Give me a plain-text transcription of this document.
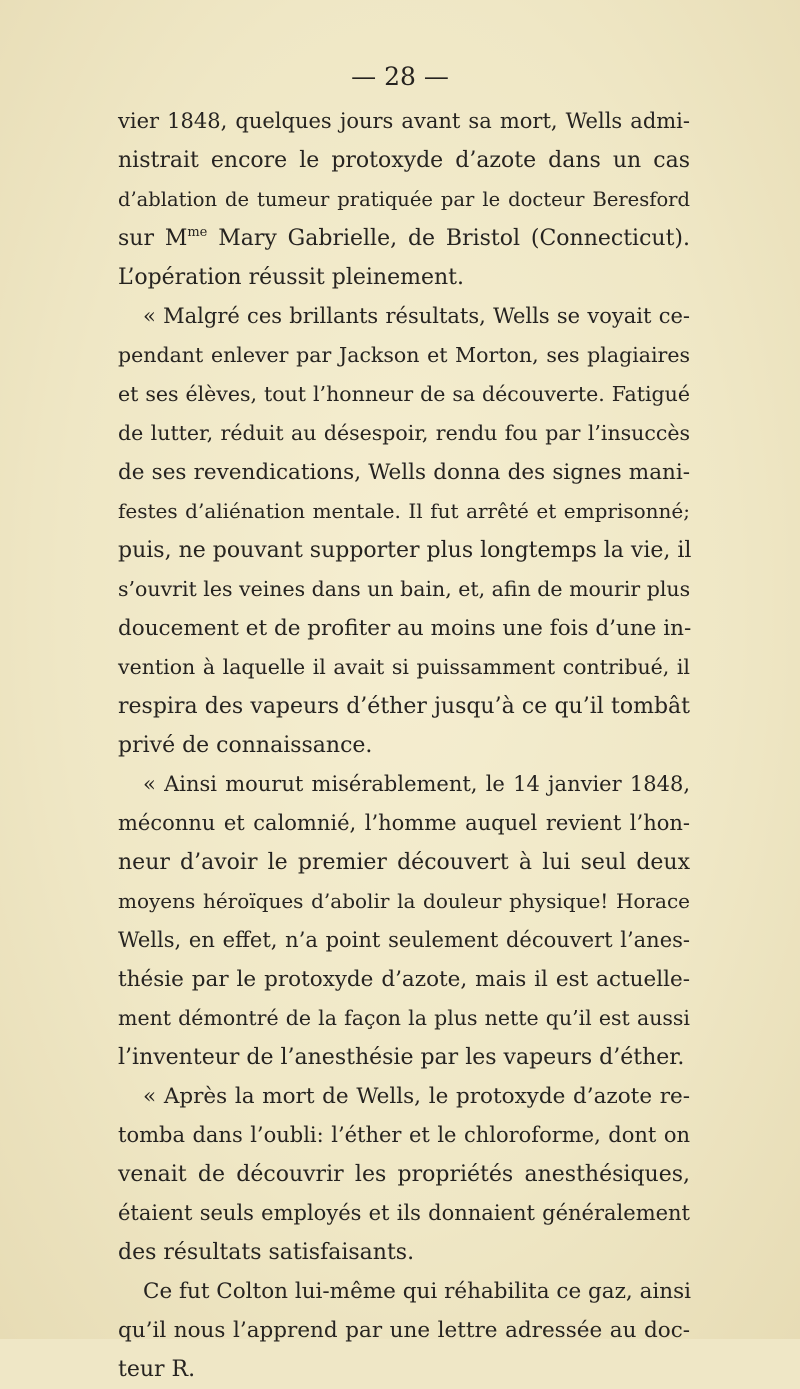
— 28 —
vier 1848, quelques jours avant sa mort, Wells admi-
nistrait encore le protoxyde d’azote dans un cas
d’ablation de tumeur pratiquée par le docteur Beresford
sur $M^{me}$ Mary Gabrielle, de Bristol (Connecticut).
L’opération réussit pleinement.
« Malgré ces brillants résultats, Wells se voyait ce-
pendant enlever par Jackson et Morton, ses plagiaires
et ses élèves, tout l’honneur de sa découverte. Fatigué
de lutter, réduit au désespoir, rendu fou par l’insuccès
de ses revendications, Wells donna des signes mani-
festes d’aliénation mentale. Il fut arrêté et emprisonné;
puis, ne pouvant supporter plus longtemps la vie, il
s’ouvrit les veines dans un bain, et, afin de mourir plus
doucement et de profiter au moins une fois d’une in-
vention à laquelle il avait si puissamment contribué, il
respira des vapeurs d’éther jusqu’à ce qu’il tombât
privé de connaissance.
« Ainsi mourut misérablement, le 14 janvier 1848,
méconnu et calomnié, l’homme auquel revient l’hon-
neur d’avoir le premier découvert à lui seul deux
moyens héroïques d’abolir la douleur physique! Horace
Wells, en effet, n’a point seulement découvert l’anes-
thésie par le protoxyde d’azote, mais il est actuelle-
ment démontré de la façon la plus nette qu’il est aussi
l’inventeur de l’anesthésie par les vapeurs d’éther.
« Après la mort de Wells, le protoxyde d’azote re-
tomba dans l’oubli: l’éther et le chloroforme, dont on
venait de découvrir les propriétés anesthésiques,
étaient seuls employés et ils donnaient généralement
des résultats satisfaisants.
Ce fut Colton lui-même qui réhabilita ce gaz, ainsi
qu’il nous l’apprend par une lettre adressée au doc-
teur R.
